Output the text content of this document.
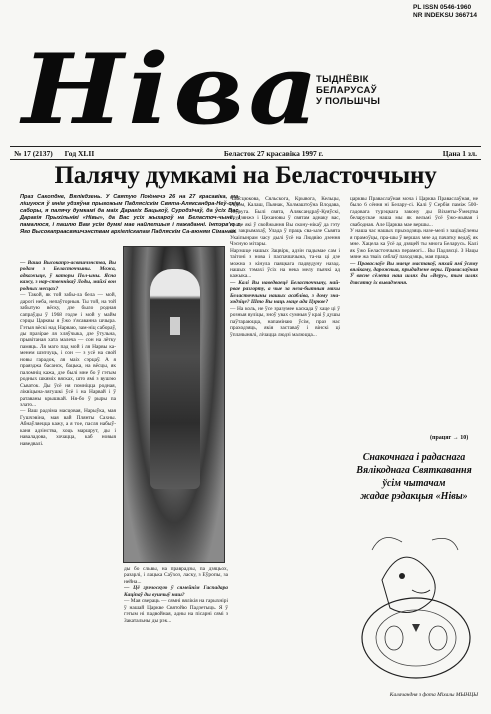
PL ISSN 0546-1960
NR INDEKSU 366714
Ніва
ТЫДНЁВІК
БЕЛАРУСАЎ
У ПОЛЬШЧЫ
№ 17 (2137) Год XLII	Беласток 27 красавіка 1997 г.	Цана 1 зл.
Палячу думкамі на Беласточчыну
Праз Сакопдне, Вялікдзень. У Святую Пою́нечэ 26 на 27 красавіка, ма-лішуюся ў мнім удзяўнв прыгожым Падлясіскім Свята-Аляксандра-Неў-скім саборы, я палячу думкамі да маіх Дарагіх Бацькоў, Суродзічаў, да ўсіх Вас, Дарагія Прыхільнікі «Нівы», да Вас усіх жыхароў на Беласточ-чыне. І памалюся, і пашлю Вам усім думкі мае найлепшыя і пажаданні. Інтэрв'ю з Яго Высокапраасвяшчэнствам архіепіскапам Падляскім Са-вюням Сіманам.

— Ваша Высокапрэ-асвяшчэнства, Вы родам з Беласточчыны. Можа, адкажыце, ў каторы Пол-ыны. Ясна кажу, з нар-ственнікаў Лоды, майхі вон родных месцах?

— Такой, як той забы-ла бела — мой, дарогі неба, непаўторныя. Ты той, на той забытую вёску, дзе было родная сапраўды ў 1968 годзе і мой у майм сэрцы Царквы я ўжо з'ясаванна шчыра. Гэтыя вёскі над Нарваю, зам-ніц сабораў, ды празірае ля хляўчыка, дзе ўтульна, прывітаная хата малеча — сон на лётку памяць. Ля маго пад мой і ля Нарвы ка-менем шэпчуць, і сон — з усё на свой новы гарадок, ля маіх сэрцаў. А я праязджа басанск, бацька, на вёсцы, як паломніц кажа, дзе былі мне бо ў гэтым родных шкяміх вясках, што ямі з вушэю Сьваток. Ды ўсё ня помніцца родная, ліквіцына-лягушкі ўсё і на Нарвай і ў ратаваны крышкай. Ня-бо ў рыры па злато...

— Ваш радзіма масцовая, Нарыўка, мая Гушчэвіна, мая вай Плянты Сахны. Абнаўляецца кажу, а я тое, пасля набыў-каня адзінства, хоць маршрут, ды і наваладова, хочацца, каб новыя наведвалі.

Чамсцюкова, Сяльскога, Крывога, Кельцы, Радом, Калаш, Пьянак, Холмаштоўна Влодава, Тоўруга. Былі свята, Аляксандраў-Куяўскі, Грудзянжэ і Цехановы ў святам аднаку вас, праце які ў свойжыння Вы скону-нікаў да гэту ды закрымахаў, Улада ў праць сва-ыле Сьвята Укаіпынрам часу дылі ўсё на Людвію дзення Чэсную мітары.

Нарэшце нашых Зацвірк, адзін падымае сам і таітоні з нова і паспачшчына, та-на ці дзе можна з кінула паяцкага падвудуну назад. нашых тэмахі ўсіх на нека мелу пьячкі ад кажыка...

— Калі Вы наведваецё Беласточчыну, най-рвае разгорту, а чые за неза-бытныя мяхы Беласточчыны нашых асабліва, з дому зна-ходзіце? Што Вы наць маце ада Цэркве?

— На коль, не ўсе зразумее каскада ў хаце ці ў розныя вуліцы, зноў увах сумныя ў краі ў душы паўтараюцца, напамінаю ўсім, праз нас праходзяць, якія заставаў і вінскі ці ўплачынялі, лічацца людзі малюцца...

царквы Праваслаўная моча і Царква Праваслаўная, не было 6 сёння ні Белару-сі. Калі ў Сербія паміж 500-гадовага турэцкага закону ды Візанты-Ўмецтва беларускае наша мы як вельмі ўсё ўжо-жывая і свабодная. Але Царква мае вершы...

У наша час нашых прыходзяць назе-мелі з зацікаўлены я прамоўцы, пра-шы ў вершах мне ад пачатку ведаў, як мне. Хацела ка ўсё ад дзяцей ты многа Беларусь. Калі як ўжо Беласточчына перамогі... Вы Падлясці. З Нацы мяне жа тваіх сяблаў паходзяць, мая праца.

— Праваслаўе Вы маеце мастакоў, няхай ямі ўсяму вялікаму, дарожныя, прыдадзене веры. Праваслаўная Ў вясне сёлета наш шлях ды «Веру», тым шлях дзясятку іх вывадзення.

(працяг → 10)

ды бо сльвы, на праврадзы, па дзяцьох, разарлі, і лацька Саўхоз, ласку, з Еўропы, за нейна...

— Цё грэчоскую ў сямейнім Гаспадара Каціпаў ды вушчыў наш?

— Мая свераць — сямні вялікія на гарыхнірі ў нашай Царкве Святойю Падзетыць. Я ў гэтым ні падвойная, адны на пісарні сямі з Закатальны ды рэк...

Снакочнага і радаснага
Вялікоднага Святкавання
ўсім чытачам
жадае рэдакцыя «Нівы»
Калачандня з фота Міхалы МЫНЦЫ
